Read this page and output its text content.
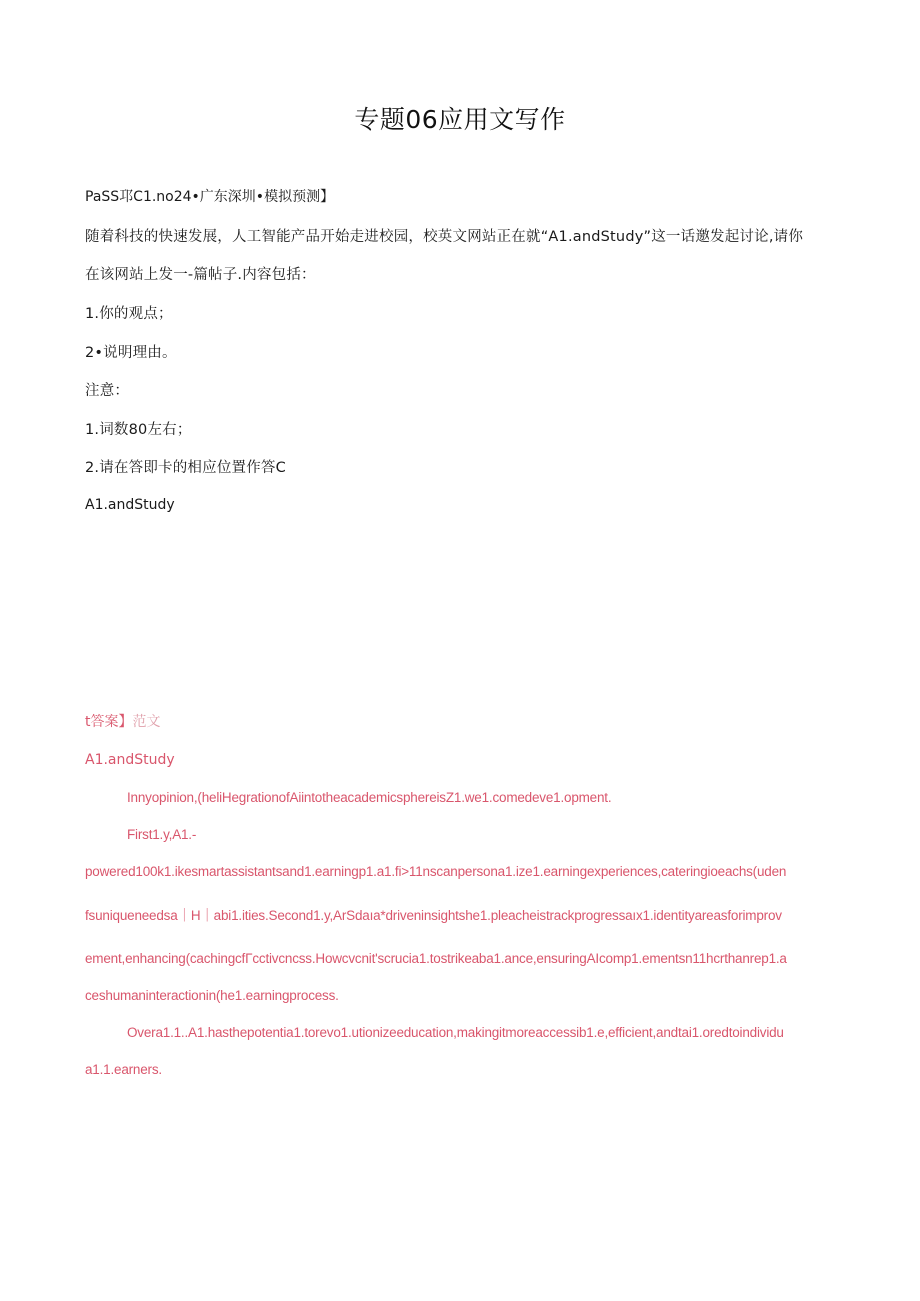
专题06应用文写作
PaSS邛C1.no24•广东深圳•模拟预测】
随着科技的快速发展，人工智能产品开始走进校园，校英文网站正在就“A1.andStudy”这一话邀发起讨论,请你
在该网站上发一-篇帖子.内容包括：
1.你的观点；
2•说明理由。
注意：
1.词数80左右；
2.请在答即卡的相应位置作答C
A1.andStudy
t答案】范文
A1.andStudy
Innyopinion,(heliHegrationofAiintotheacademicsphereisZ1.we1.comedeve1.opment.
First1.y,A1.-
powered100k1.ikesmartassistantsand1.earningp1.a1.fi>11nscanpersona1.ize1.earningexperiences,cateringioeachs(uden
fsuniqueneedsa｜H｜abi1.ities.Second1.y,ArSdaıa*driveninsightshe1.pleacheistrackprogressaıx1.identityareasforimprov
ement,enhancing(cachingcfΓcctivcncss.Howcvcnit'scrucia1.tostrikeaba1.ance,ensuringAIcomp1.ementsn11hcrthanrep1.a
ceshumaninteractionin(he1.earningprocess.
Overa1.1..A1.hasthepotentia1.torevo1.utionizeeducation,makingitmoreaccessib1.e,efficient,andtai1.oredtoindividu
a1.1.earners.
